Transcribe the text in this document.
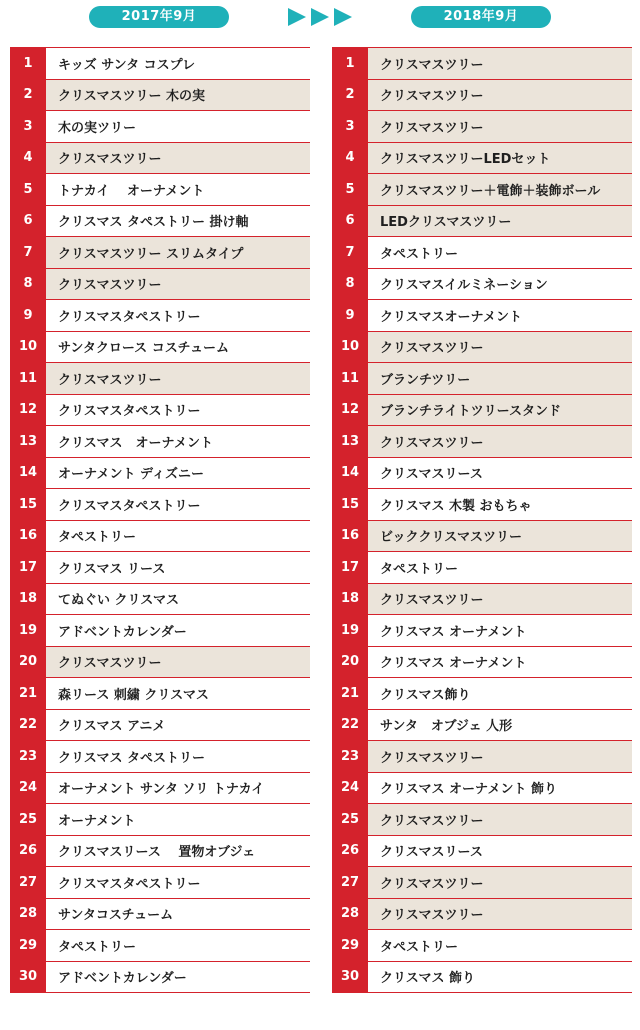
2017年9月	2018年9月
1	キッズ サンタ コスプレ
2	クリスマスツリー 木の実
3	木の実ツリー
4	クリスマスツリー
5	トナカイ　 オーナメント
6	クリスマス タペストリー 掛け軸
7	クリスマスツリー スリムタイプ
8	クリスマスツリー
9	クリスマスタペストリー
10	サンタクロース コスチューム
11	クリスマスツリー
12	クリスマスタペストリー
13	クリスマス　オーナメント
14	オーナメント ディズニー
15	クリスマスタペストリー
16	タペストリー
17	クリスマス リース
18	てぬぐい クリスマス
19	アドベントカレンダー
20	クリスマスツリー
21	森リース 刺繍 クリスマス
22	クリスマス アニメ
23	クリスマス タペストリー
24	オーナメント サンタ ソリ トナカイ
25	オーナメント
26	クリスマスリース　 置物オブジェ
27	クリスマスタペストリー
28	サンタコスチューム
29	タペストリー
30	アドベントカレンダー
1	クリスマスツリー
2	クリスマスツリー
3	クリスマスツリー
4	クリスマスツリーLEDセット
5	クリスマスツリー＋電飾＋装飾ボール
6	LEDクリスマスツリー
7	タペストリー
8	クリスマスイルミネーション
9	クリスマスオーナメント
10	クリスマスツリー
11	ブランチツリー
12	ブランチライトツリースタンド
13	クリスマスツリー
14	クリスマスリース
15	クリスマス 木製 おもちゃ
16	ビッククリスマスツリー
17	タペストリー
18	クリスマスツリー
19	クリスマス オーナメント
20	クリスマス オーナメント
21	クリスマス飾り
22	サンタ　オブジェ 人形
23	クリスマスツリー
24	クリスマス オーナメント 飾り
25	クリスマスツリー
26	クリスマスリース
27	クリスマスツリー
28	クリスマスツリー
29	タペストリー
30	クリスマス 飾り
